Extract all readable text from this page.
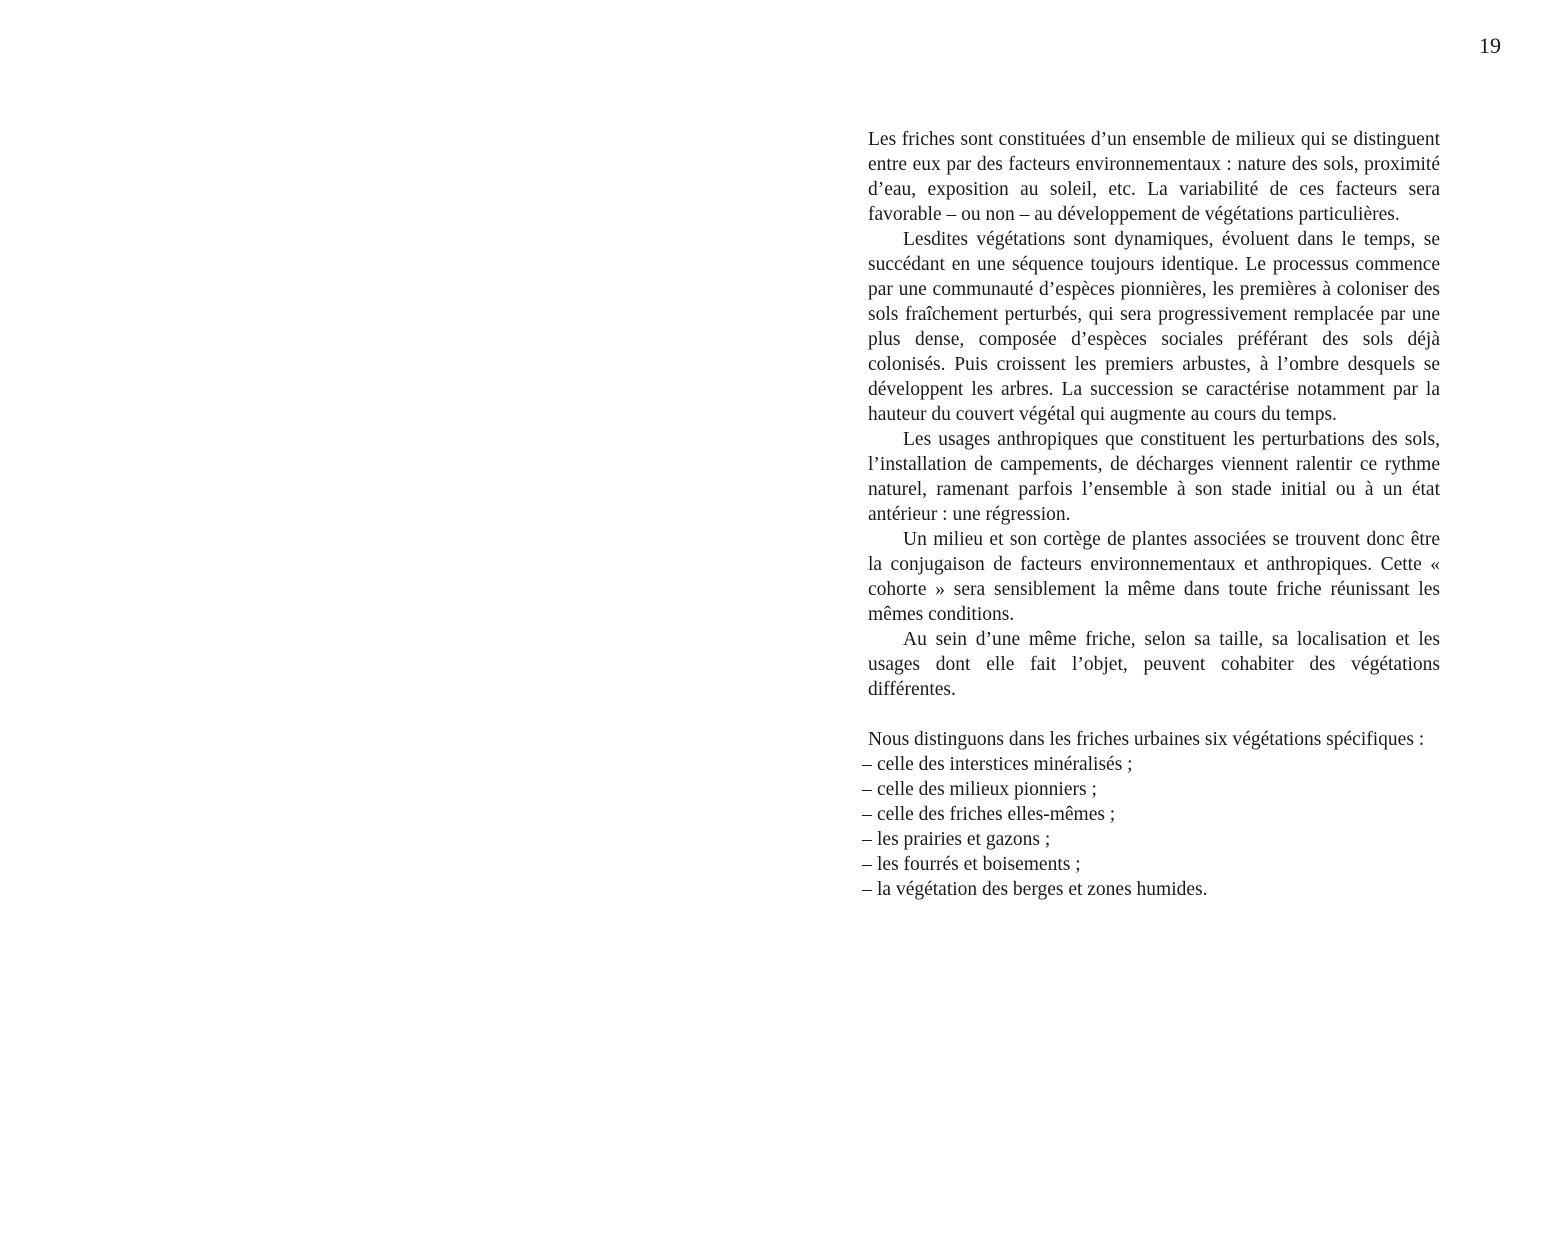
19

Les friches sont constituées d’un ensemble de milieux qui se distinguent entre eux par des facteurs environnementaux : nature des sols, proximité d’eau, exposition au soleil, etc. La variabilité de ces facteurs sera favorable – ou non – au développement de végétations particulières.

Lesdites végétations sont dynamiques, évoluent dans le temps, se succédant en une séquence toujours identique. Le processus commence par une communauté d’espèces pionnières, les premières à coloniser des sols fraîchement perturbés, qui sera progressivement remplacée par une plus dense, composée d’espèces sociales préférant des sols déjà colonisés. Puis croissent les premiers arbustes, à l’ombre desquels se développent les arbres. La succession se caractérise notamment par la hauteur du couvert végétal qui augmente au cours du temps.

Les usages anthropiques que constituent les perturbations des sols, l’installation de campements, de décharges viennent ralentir ce rythme naturel, ramenant parfois l’ensemble à son stade initial ou à un état antérieur : une régression.

Un milieu et son cortège de plantes associées se trouvent donc être la conjugaison de facteurs environnementaux et anthropiques. Cette « cohorte » sera sensiblement la même dans toute friche réunissant les mêmes conditions.

Au sein d’une même friche, selon sa taille, sa localisation et les usages dont elle fait l’objet, peuvent cohabiter des végétations différentes.

Nous distinguons dans les friches urbaines six végétations spécifiques :

– celle des interstices minéralisés ;
– celle des milieux pionniers ;
– celle des friches elles-mêmes ;
– les prairies et gazons ;
– les fourrés et boisements ;
– la végétation des berges et zones humides.
